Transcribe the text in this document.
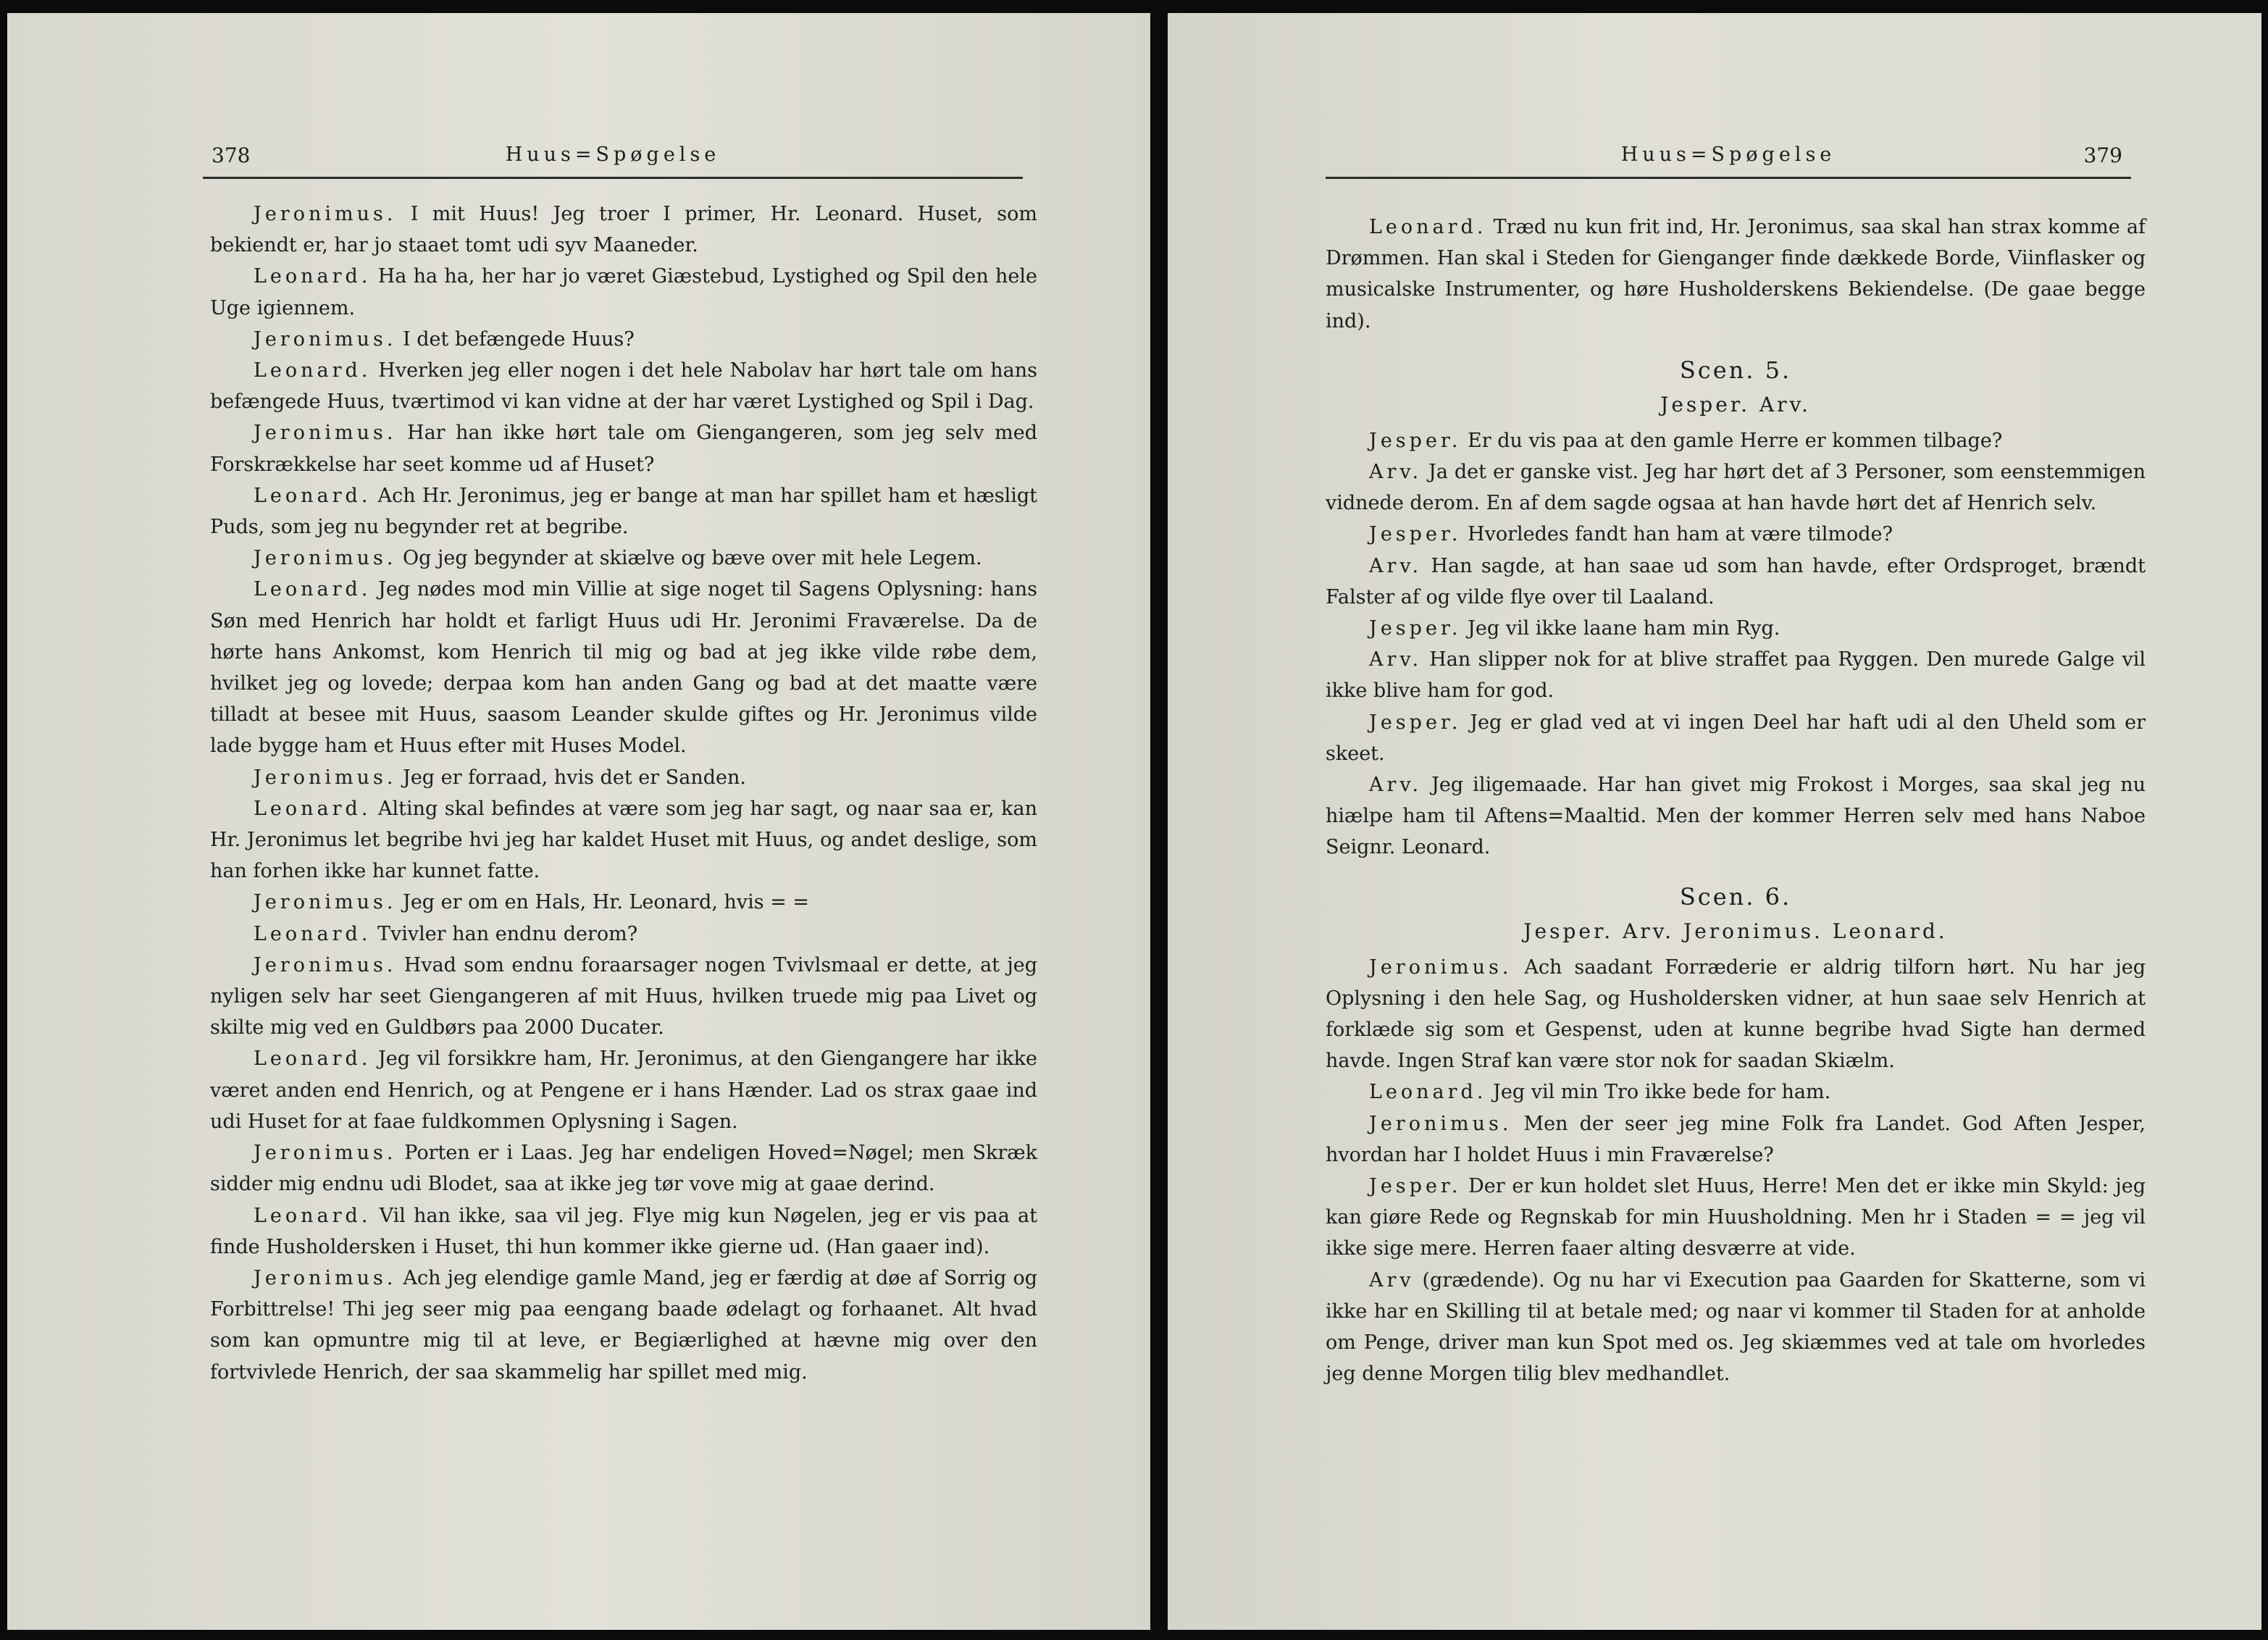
378	Huus=Spøgelse

Jeronimus. I mit Huus! Jeg troer I primer, Hr. Leonard. Huset, som bekiendt er, har jo staaet tomt udi syv Maaneder.

Leonard. Ha ha ha, her har jo været Giæstebud, Lystighed og Spil den hele Uge igiennem.

Jeronimus. I det befængede Huus?

Leonard. Hverken jeg eller nogen i det hele Nabolav har hørt tale om hans befængede Huus, tværtimod vi kan vidne at der har været Lystighed og Spil i Dag.

Jeronimus. Har han ikke hørt tale om Giengangeren, som jeg selv med Forskrækkelse har seet komme ud af Huset?

Leonard. Ach Hr. Jeronimus, jeg er bange at man har spillet ham et hæsligt Puds, som jeg nu begynder ret at begribe.

Jeronimus. Og jeg begynder at skiælve og bæve over mit hele Legem.

Leonard. Jeg nødes mod min Villie at sige noget til Sagens Oplysning: hans Søn med Henrich har holdt et farligt Huus udi Hr. Jeronimi Fraværelse. Da de hørte hans Ankomst, kom Henrich til mig og bad at jeg ikke vilde røbe dem, hvilket jeg og lovede; derpaa kom han anden Gang og bad at det maatte være tilladt at besee mit Huus, saasom Leander skulde giftes og Hr. Jeronimus vilde lade bygge ham et Huus efter mit Huses Model.

Jeronimus. Jeg er forraad, hvis det er Sanden.

Leonard. Alting skal befindes at være som jeg har sagt, og naar saa er, kan Hr. Jeronimus let begribe hvi jeg har kaldet Huset mit Huus, og andet deslige, som han forhen ikke har kunnet fatte.

Jeronimus. Jeg er om en Hals, Hr. Leonard, hvis = =

Leonard. Tvivler han endnu derom?

Jeronimus. Hvad som endnu foraarsager nogen Tvivlsmaal er dette, at jeg nyligen selv har seet Giengangeren af mit Huus, hvilken truede mig paa Livet og skilte mig ved en Guldbørs paa 2000 Ducater.

Leonard. Jeg vil forsikkre ham, Hr. Jeronimus, at den Giengangere har ikke været anden end Henrich, og at Pengene er i hans Hænder. Lad os strax gaae ind udi Huset for at faae fuldkommen Oplysning i Sagen.

Jeronimus. Porten er i Laas. Jeg har endeligen Hoved=Nøgel; men Skræk sidder mig endnu udi Blodet, saa at ikke jeg tør vove mig at gaae derind.

Leonard. Vil han ikke, saa vil jeg. Flye mig kun Nøgelen, jeg er vis paa at finde Husholdersken i Huset, thi hun kommer ikke gierne ud. (Han gaaer ind).

Jeronimus. Ach jeg elendige gamle Mand, jeg er færdig at døe af Sorrig og Forbittrelse! Thi jeg seer mig paa eengang baade ødelagt og forhaanet. Alt hvad som kan opmuntre mig til at leve, er Begiærlighed at hævne mig over den fortvivlede Henrich, der saa skammelig har spillet med mig.

Huus=Spøgelse	379

Leonard. Træd nu kun frit ind, Hr. Jeronimus, saa skal han strax komme af Drømmen. Han skal i Steden for Gienganger finde dækkede Borde, Viinflasker og musicalske Instrumenter, og høre Husholderskens Bekiendelse. (De gaae begge ind).

Scen. 5.
Jesper. Arv.

Jesper. Er du vis paa at den gamle Herre er kommen tilbage?

Arv. Ja det er ganske vist. Jeg har hørt det af 3 Personer, som eenstemmigen vidnede derom. En af dem sagde ogsaa at han havde hørt det af Henrich selv.

Jesper. Hvorledes fandt han ham at være tilmode?

Arv. Han sagde, at han saae ud som han havde, efter Ordsproget, brændt Falster af og vilde flye over til Laaland.

Jesper. Jeg vil ikke laane ham min Ryg.

Arv. Han slipper nok for at blive straffet paa Ryggen. Den murede Galge vil ikke blive ham for god.

Jesper. Jeg er glad ved at vi ingen Deel har haft udi al den Uheld som er skeet.

Arv. Jeg iligemaade. Har han givet mig Frokost i Morges, saa skal jeg nu hiælpe ham til Aftens=Maaltid. Men der kommer Herren selv med hans Naboe Seignr. Leonard.

Scen. 6.
Jesper. Arv. Jeronimus. Leonard.

Jeronimus. Ach saadant Forræderie er aldrig tilforn hørt. Nu har jeg Oplysning i den hele Sag, og Husholdersken vidner, at hun saae selv Henrich at forklæde sig som et Gespenst, uden at kunne begribe hvad Sigte han dermed havde. Ingen Straf kan være stor nok for saadan Skiælm.

Leonard. Jeg vil min Tro ikke bede for ham.

Jeronimus. Men der seer jeg mine Folk fra Landet. God Aften Jesper, hvordan har I holdet Huus i min Fraværelse?

Jesper. Der er kun holdet slet Huus, Herre! Men det er ikke min Skyld: jeg kan giøre Rede og Regnskab for min Huusholdning. Men hr i Staden = = jeg vil ikke sige mere. Herren faaer alting desværre at vide.

Arv (grædende). Og nu har vi Execution paa Gaarden for Skatterne, som vi ikke har en Skilling til at betale med; og naar vi kommer til Staden for at anholde om Penge, driver man kun Spot med os. Jeg skiæmmes ved at tale om hvorledes jeg denne Morgen tilig blev medhandlet.
